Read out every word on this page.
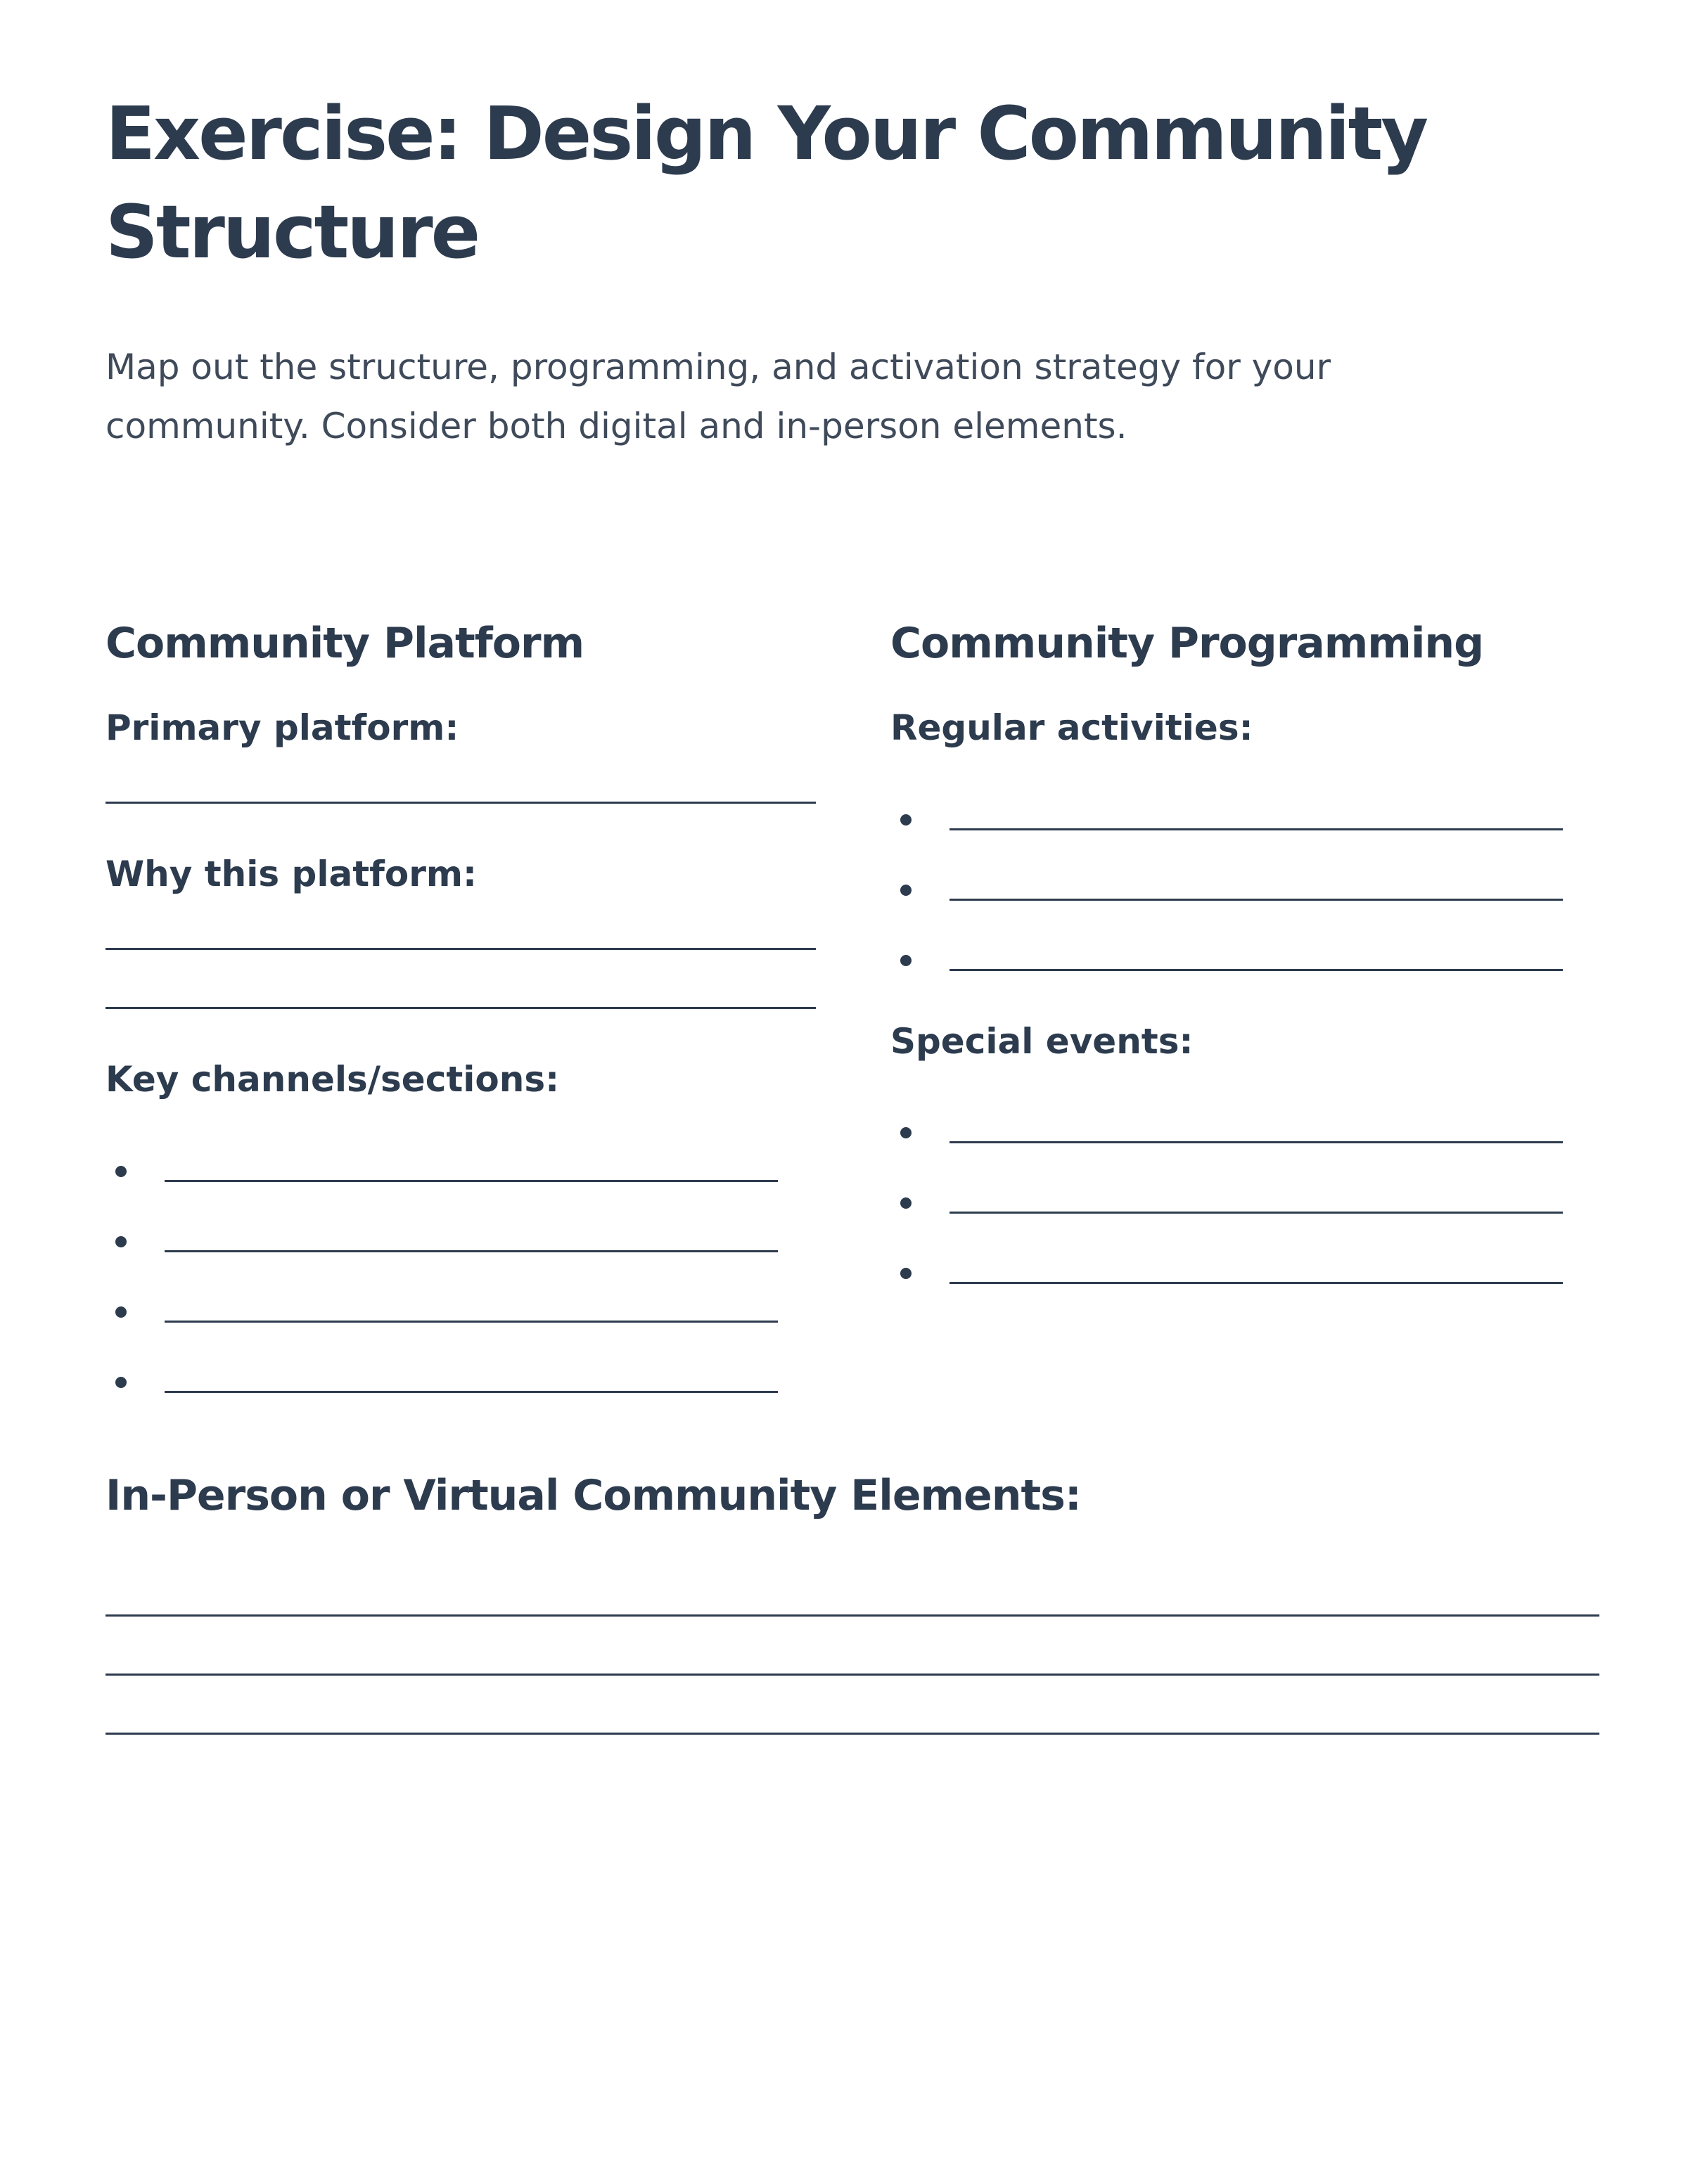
Exercise: Design Your Community Structure

Map out the structure, programming, and activation strategy for your community. Consider both digital and in-person elements.

Community Platform

Primary platform:

Why this platform:

Key channels/sections:

Community Programming

Regular activities:

Special events:

In-Person or Virtual Community Elements:
